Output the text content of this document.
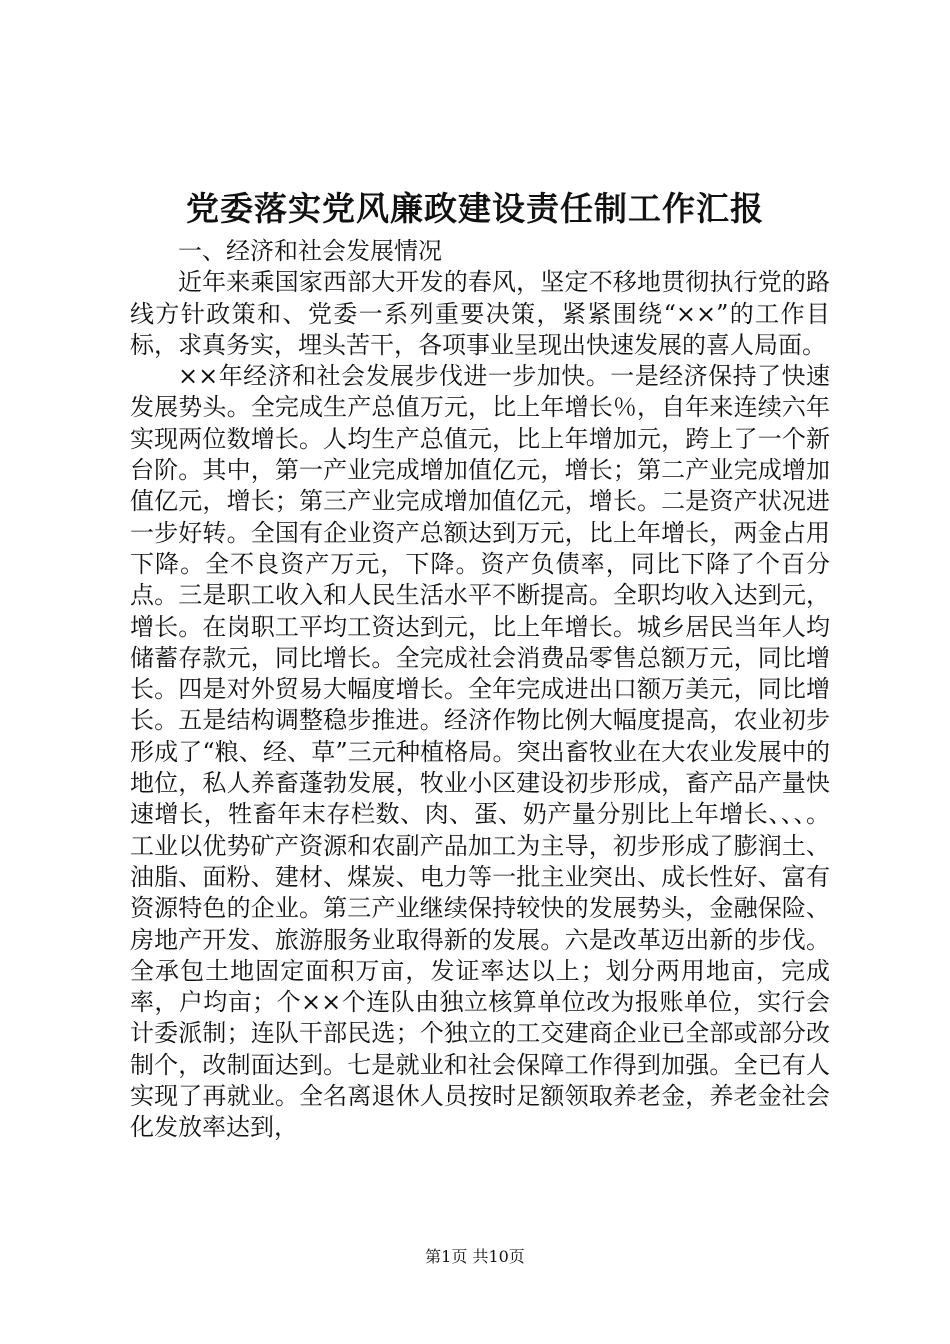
党委落实党风廉政建设责任制工作汇报

一、经济和社会发展情况

近年来乘国家西部大开发的春风，坚定不移地贯彻执行党的路线方针政策和、党委一系列重要决策，紧紧围绕“××”的工作目标，求真务实，埋头苦干，各项事业呈现出快速发展的喜人局面。

××年经济和社会发展步伐进一步加快。一是经济保持了快速发展势头。全完成生产总值万元，比上年增长％，自年来连续六年实现两位数增长。人均生产总值元，比上年增加元，跨上了一个新台阶。其中，第一产业完成增加值亿元，增长；第二产业完成增加值亿元，增长；第三产业完成增加值亿元，增长。二是资产状况进一步好转。全国有企业资产总额达到万元，比上年增长，两金占用下降。全不良资产万元，下降。资产负债率，同比下降了个百分点。三是职工收入和人民生活水平不断提高。全职均收入达到元，增长。在岗职工平均工资达到元，比上年增长。城乡居民当年人均储蓄存款元，同比增长。全完成社会消费品零售总额万元，同比增长。四是对外贸易大幅度增长。全年完成进出口额万美元，同比增长。五是结构调整稳步推进。经济作物比例大幅度提高，农业初步形成了“粮、经、草”三元种植格局。突出畜牧业在大农业发展中的地位，私人养畜蓬勃发展，牧业小区建设初步形成，畜产品产量快速增长，牲畜年末存栏数、肉、蛋、奶产量分别比上年增长、、、。工业以优势矿产资源和农副产品加工为主导，初步形成了膨润土、油脂、面粉、建材、煤炭、电力等一批主业突出、成长性好、富有资源特色的企业。第三产业继续保持较快的发展势头，金融保险、房地产开发、旅游服务业取得新的发展。六是改革迈出新的步伐。全承包土地固定面积万亩，发证率达以上；划分两用地亩，完成率，户均亩；个××个连队由独立核算单位改为报账单位，实行会计委派制；连队干部民选；个独立的工交建商企业已全部或部分改制个，改制面达到。七是就业和社会保障工作得到加强。全已有人实现了再就业。全名离退休人员按时足额领取养老金，养老金社会化发放率达到，

第1页 共10页
